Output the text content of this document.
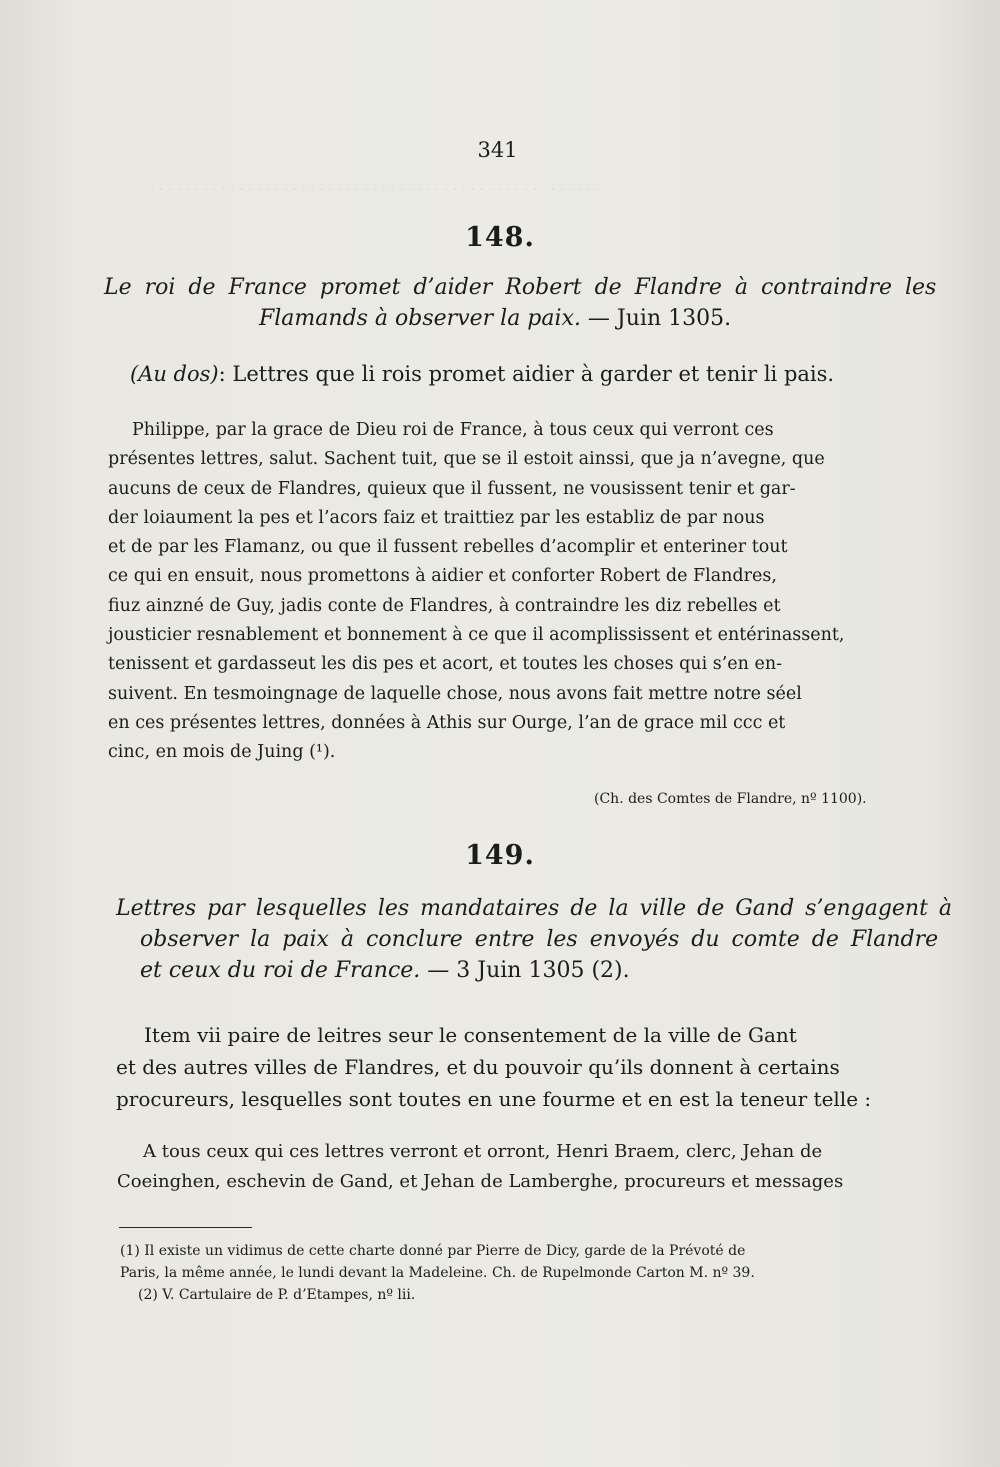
· · · · · · · · · · · · · · · · · · · · · · · · · · · · · · · · · · · · · · · · · · · · · · · · · · ·
341
148.
Le roi de France promet d’aider Robert de Flandre à contraindre les
Flamands à observer la paix. — Juin 1305.
(Au dos): Lettres que li rois promet aidier à garder et tenir li pais.
Philippe, par la grace de Dieu roi de France, à tous ceux qui verront ces
présentes lettres, salut. Sachent tuit, que se il estoit ainssi, que ja n’avegne, que
aucuns de ceux de Flandres, quieux que il fussent, ne vousissent tenir et gar-
der loiaument la pes et l’acors faiz et traittiez par les establiz de par nous
et de par les Flamanz, ou que il fussent rebelles d’acomplir et enteriner tout
ce qui en ensuit, nous promettons à aidier et conforter Robert de Flandres,
fiuz ainzné de Guy, jadis conte de Flandres, à contraindre les diz rebelles et
jousticier resnablement et bonnement à ce que il acomplississent et entérinassent,
tenissent et gardasseut les dis pes et acort, et toutes les choses qui s’en en-
suivent. En tesmoingnage de laquelle chose, nous avons fait mettre notre séel
en ces présentes lettres, données à Athis sur Ourge, l’an de grace mil ccc et
cinc, en mois de Juing (¹).
(Ch. des Comtes de Flandre, nº 1100).
149.
Lettres par lesquelles les mandataires de la ville de Gand s’engagent à
observer la paix à conclure entre les envoyés du comte de Flandre
et ceux du roi de France. — 3 Juin 1305 (2).
Item vii paire de leitres seur le consentement de la ville de Gant
et des autres villes de Flandres, et du pouvoir qu’ils donnent à certains
procureurs, lesquelles sont toutes en une fourme et en est la teneur telle :
A tous ceux qui ces lettres verront et orront, Henri Braem, clerc, Jehan de
Coeinghen, eschevin de Gand, et Jehan de Lamberghe, procureurs et messages
(1) Il existe un vidimus de cette charte donné par Pierre de Dicy, garde de la Prévoté de
Paris, la même année, le lundi devant la Madeleine. Ch. de Rupelmonde Carton M. nº 39.
(2) V. Cartulaire de P. d’Etampes, nº lii.
